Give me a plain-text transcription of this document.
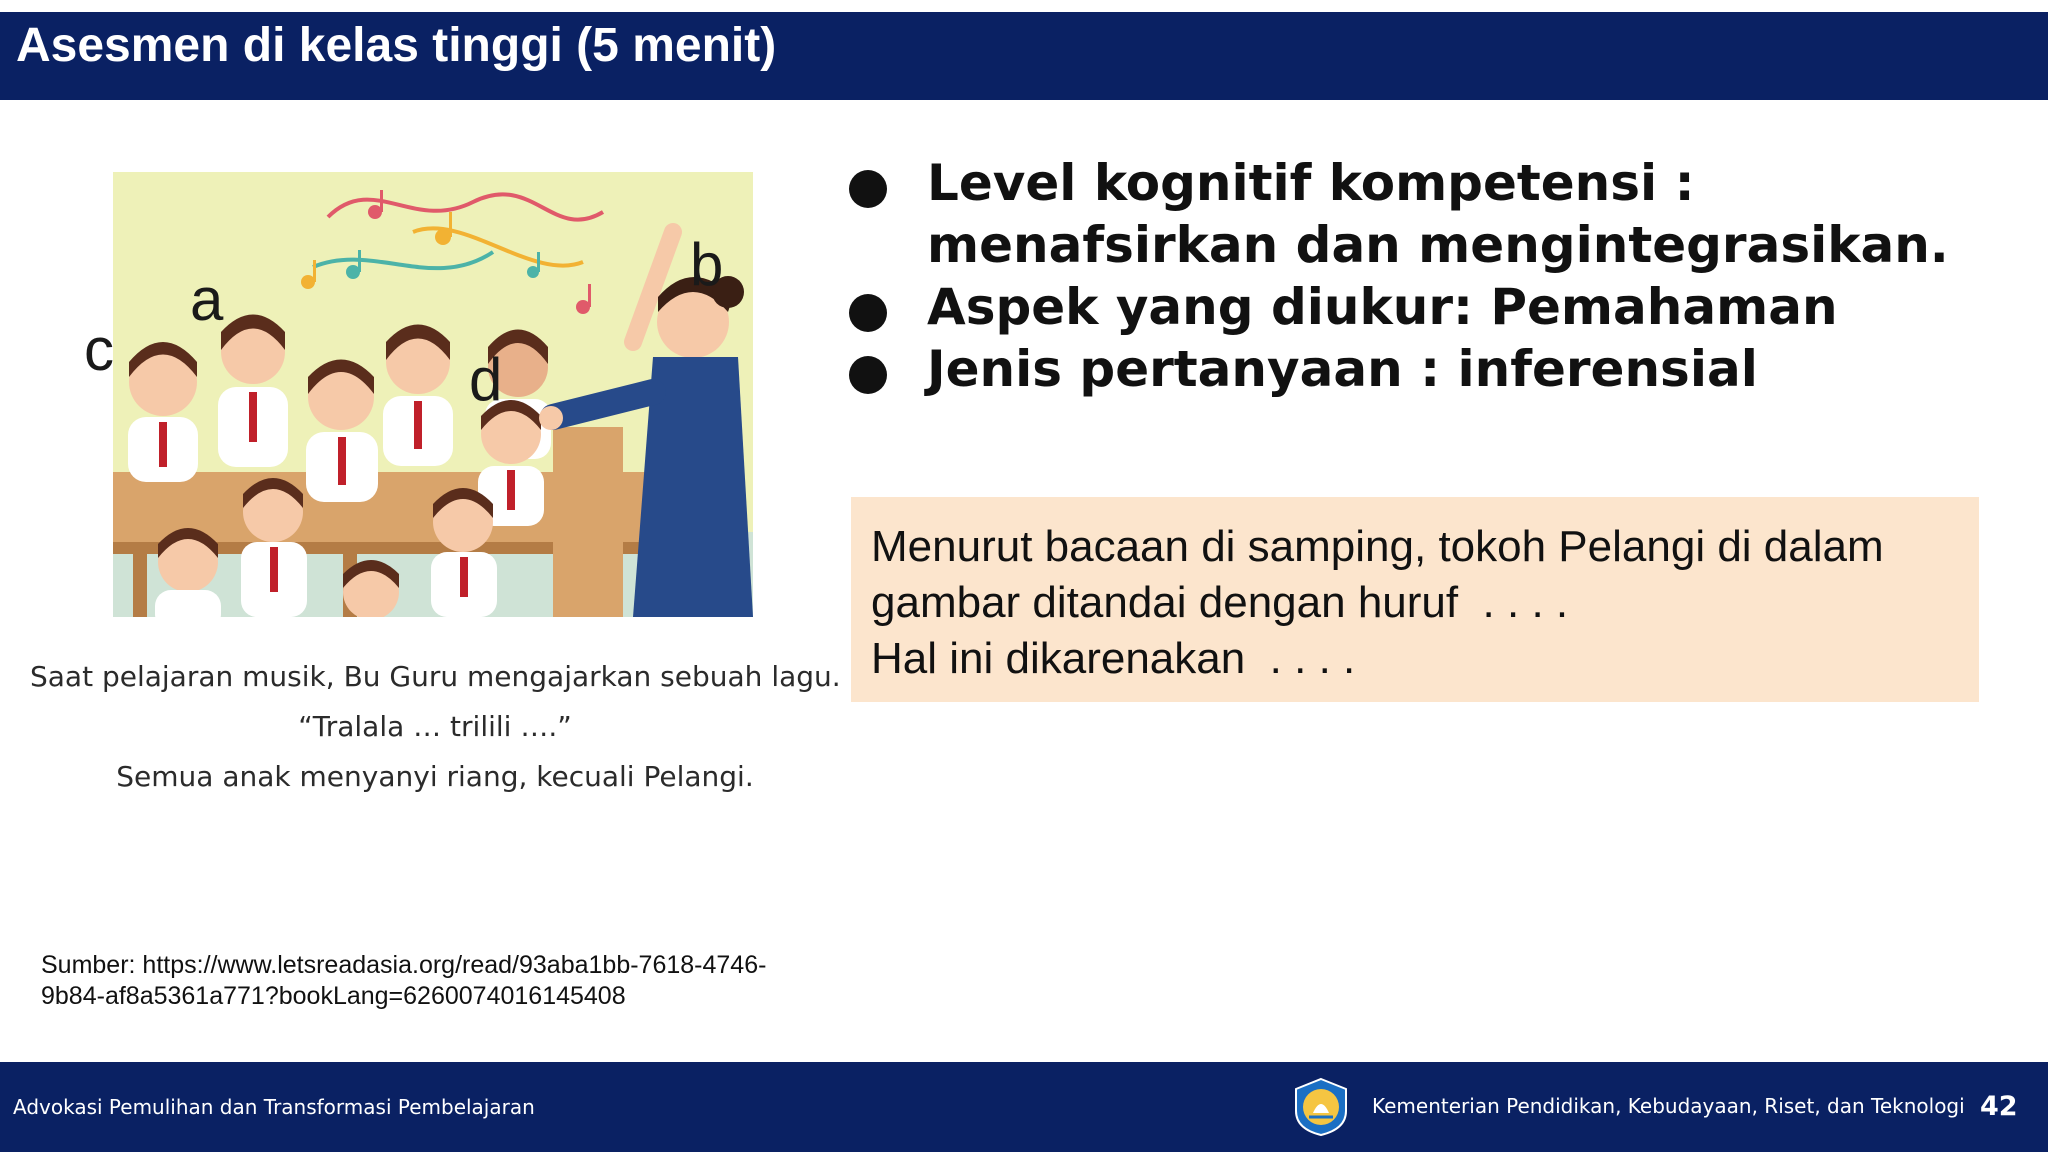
Asesmen di kelas tinggi (5 menit)
a
b
c	d
Saat pelajaran musik, Bu Guru mengajarkan sebuah lagu.
“Tralala … trilili ….”
Semua anak menyanyi riang, kecuali Pelangi.
Sumber: https://www.letsreadasia.org/read/93aba1bb-7618-4746-
9b84-af8a5361a771?bookLang=6260074016145408
Level kognitif kompetensi :
menafsirkan dan mengintegrasikan.
Aspek yang diukur: Pemahaman
Jenis pertanyaan : inferensial
Menurut bacaan di samping, tokoh Pelangi di dalam
gambar ditandai dengan huruf  . . . .
Hal ini dikarenakan  . . . .
Advokasi Pemulihan dan Transformasi Pembelajaran	Kementerian Pendidikan, Kebudayaan, Riset, dan Teknologi 42
